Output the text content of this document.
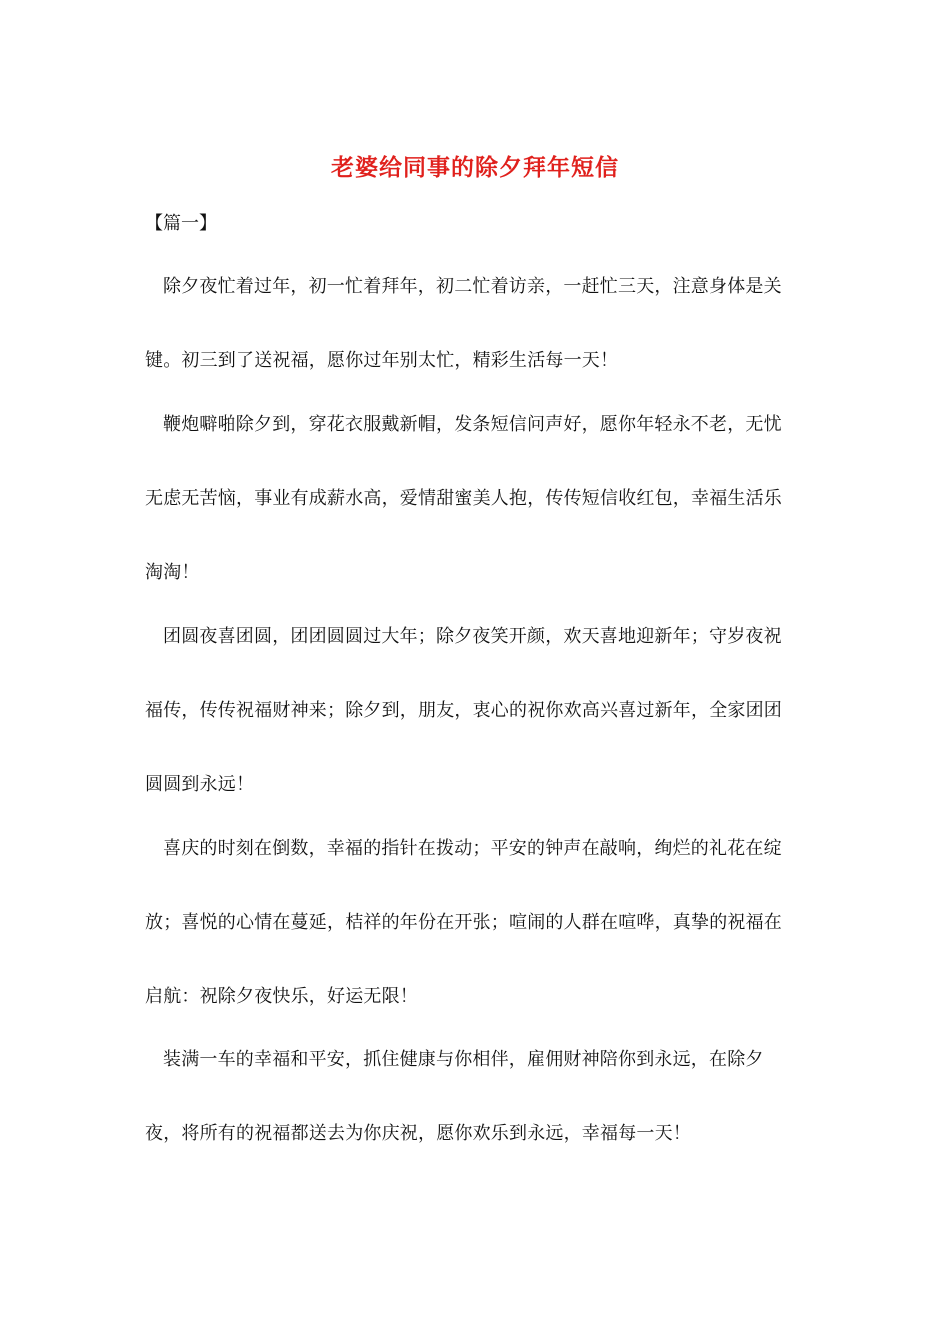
老婆给同事的除夕拜年短信
【篇一】

除夕夜忙着过年，初一忙着拜年，初二忙着访亲，一赶忙三天，注意身体是关键。初三到了送祝福，愿你过年别太忙，精彩生活每一天！

鞭炮噼啪除夕到，穿花衣服戴新帽，发条短信问声好，愿你年轻永不老，无忧无虑无苦恼，事业有成薪水高，爱情甜蜜美人抱，传传短信收红包，幸福生活乐淘淘！

团圆夜喜团圆，团团圆圆过大年；除夕夜笑开颜，欢天喜地迎新年；守岁夜祝福传，传传祝福财神来；除夕到，朋友，衷心的祝你欢高兴喜过新年，全家团团圆圆到永远！

喜庆的时刻在倒数，幸福的指针在拨动；平安的钟声在敲响，绚烂的礼花在绽放；喜悦的心情在蔓延，桔祥的年份在开张；喧闹的人群在喧哗，真挚的祝福在启航：祝除夕夜快乐，好运无限！

装满一车的幸福和平安，抓住健康与你相伴，雇佣财神陪你到永远，在除夕夜，将所有的祝福都送去为你庆祝，愿你欢乐到永远，幸福每一天！
